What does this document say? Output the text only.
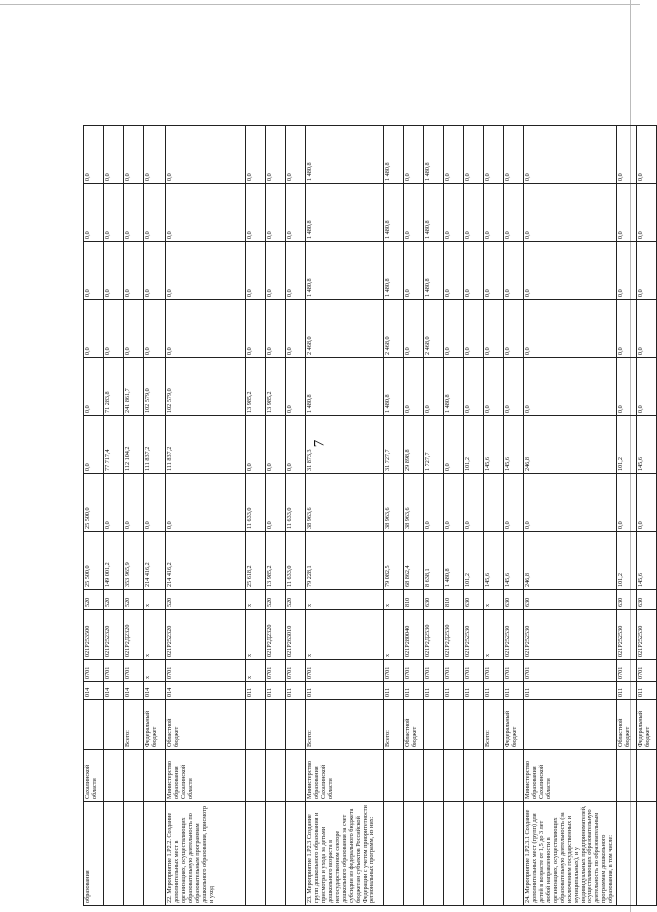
образования	Сахалинской области		014	0701	021P253500	520	25 500,0	25 500,0	0,0	0,0	0,0	0,0	0,0	0,0
			014	0701	021P252320	520	149 001,2	0,0	77 717,4	71 283,8	0,0	0,0	0,0	0,0
		Всего:	014	0701	021P2Д2320	520	353 965,9	0,0	112 104,2	241 861,7	0,0	0,0	0,0	0,0
		Федеральный бюджет	014	x	x	x	214 416,2	0,0	111 837,2	102 579,0	0,0	0,0	0,0	0,0
22. Мероприятие 1.P2.2. Создание дополнительных мест в организациях, осуществляющих образовательную деятельность по образовательным программам дошкольного образования, присмотр и уход	Министерство образования Сахалинской области	Областной бюджет	014	0701	021P252320	520	214 416,2	0,0	111 837,2	102 579,0	0,0	0,0	0,0	0,0
			011	x	x	x	25 618,2	11 633,0	0,0	13 985,2	0,0	0,0	0,0	0,0
			011	0701	021P2Д2320	520	13 985,2	0,0	0,0	13 985,2	0,0	0,0	0,0	0,0
			011	0701	021P263010	520	11 633,0	11 633,0	0,0	0,0	0,0	0,0	0,0	0,0
23. Мероприятие 1.P2.3 Создание групп дошкольного образования и присмотра и ухода за детьми дошкольного возраста в негосударственном секторе дошкольного образования за счет субсидии из федерального бюджета бюджетам субъектов Российской Федерации с учетом приоритетности региональных программ, из них:	Министерство образования Сахалинской области	Всего:	011	0701	x	x	79 228,1	38 963,6	31 873,3	1 480,8	2 468,0	1 480,8	1 480,8	1 480,8
		Всего:	011	0701	x	x	79 082,5	38 963,6	31 727,7	1 480,8	2 468,0	1 480,8	1 480,8	1 480,8
		Областной бюджет	011	0701	021P280040	810	68 862,4	38 963,6	29 898,8	0,0	0,0	0,0	0,0	0,0
			011	0701	021P2Д2530	630	8 638,1	0,0	1 727,7	0,0	2 468,0	1 480,8	1 480,8	1 480,8
			011	0701	021P2Д2530	810	1 480,8	0,0	0,0	1 480,8	0,0	0,0	0,0	0,0
			011	0701	021P252530	630	101,2	0,0	101,2	0,0	0,0	0,0	0,0	0,0
		Всего:	011	0701	x	x	145,6		145,6	0,0	0,0	0,0	0,0	0,0
		Федеральный бюджет	011	0701	021P252530	630	145,6	0,0	145,6	0,0	0,0	0,0	0,0	0,0
24. Мероприятие 1.P2.3.1 Создание дополнительных мест (групп) для детей в возрасте от 1,5 до 3 лет любой направленности в организациях, осуществляющих образовательную деятельность (за исключением государственных и муниципальных), и у индивидуальных предпринимателей, осуществляющих образовательную деятельность по образовательным программам дошкольного образования, в том числе:	Министерство образования Сахалинской области		011	0701	021P252530	630	246,8	0,0	246,8	0,0	0,0	0,0	0,0	0,0
		Областной бюджет	011	0701	021P252530	630	101,2	0,0	101,2	0,0	0,0	0,0	0,0	0,0
		Федеральный бюджет	011	0701	021P252530	630	145,6	0,0	145,6	0,0	0,0	0,0	0,0	0,0
7
